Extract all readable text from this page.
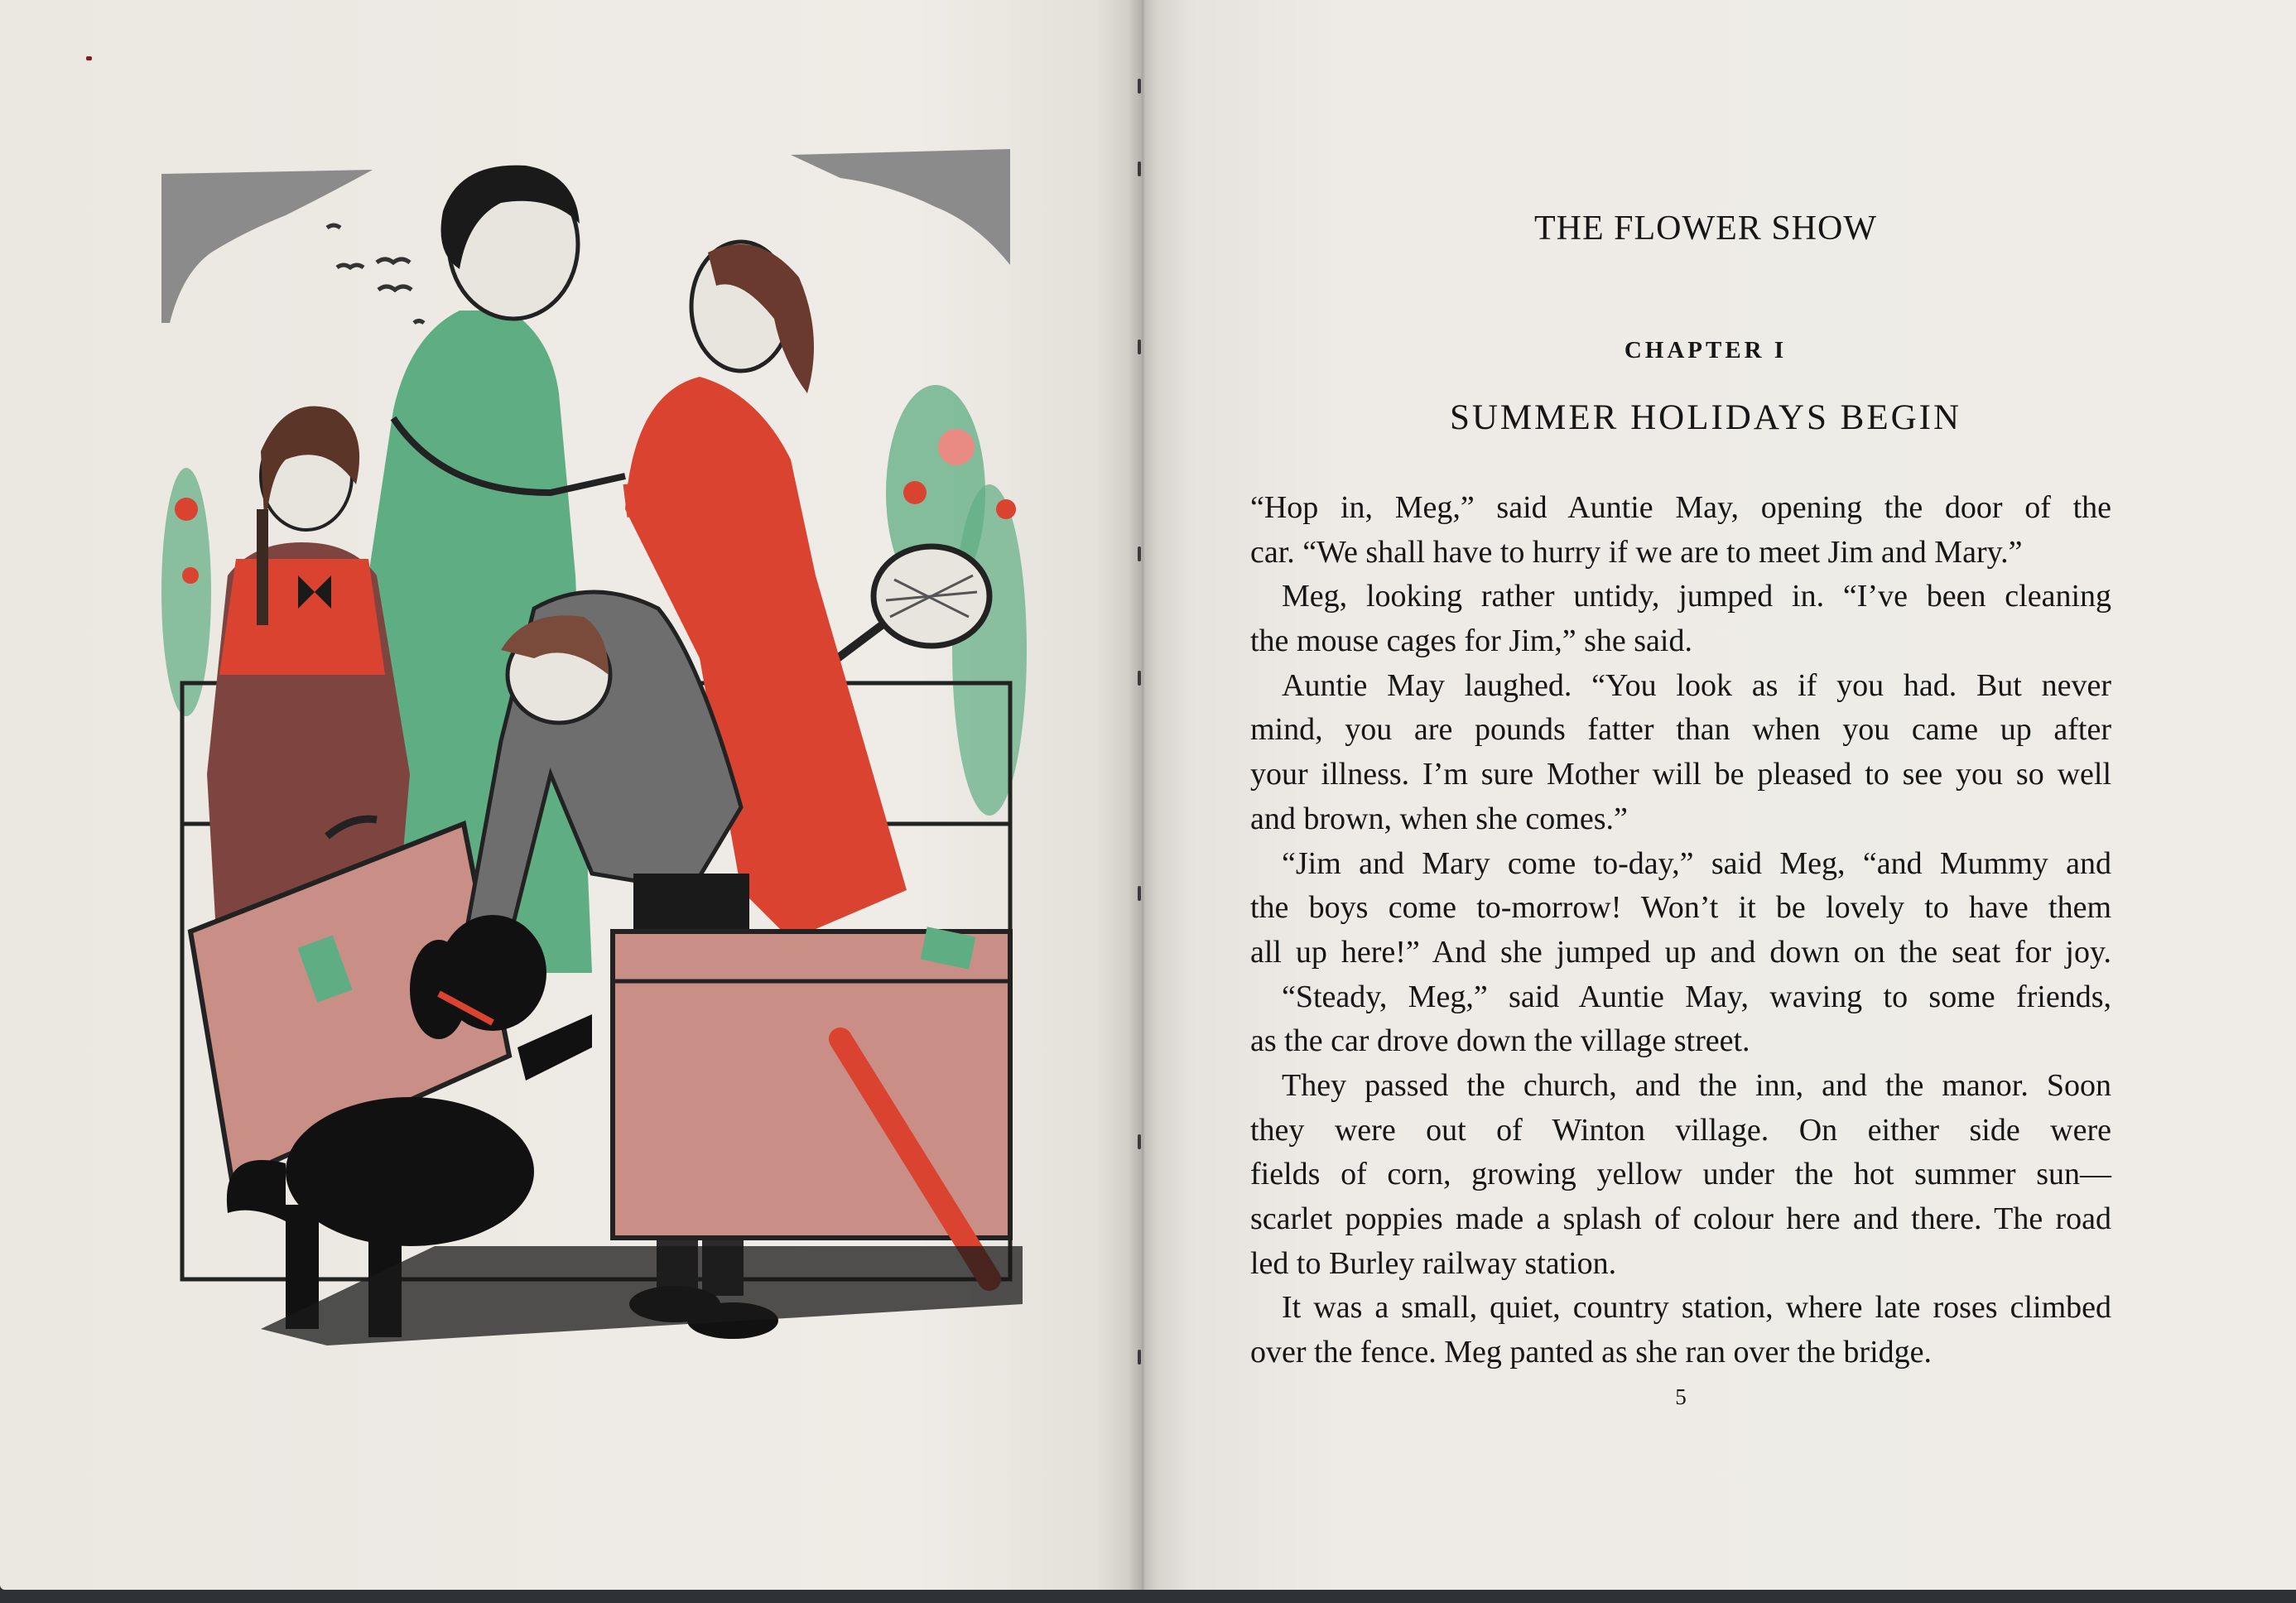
THE FLOWER SHOW
CHAPTER I
SUMMER HOLIDAYS BEGIN
“Hop in, Meg,” said Auntie May, opening the door of the
car. “We shall have to hurry if we are to meet Jim and Mary.”
Meg, looking rather untidy, jumped in. “I’ve been cleaning
the mouse cages for Jim,” she said.
Auntie May laughed. “You look as if you had. But never
mind, you are pounds fatter than when you came up after
your illness. I’m sure Mother will be pleased to see you so well
and brown, when she comes.”
“Jim and Mary come to-day,” said Meg, “and Mummy and
the boys come to-morrow! Won’t it be lovely to have them
all up here!” And she jumped up and down on the seat for joy.
“Steady, Meg,” said Auntie May, waving to some friends,
as the car drove down the village street.
They passed the church, and the inn, and the manor. Soon
they were out of Winton village. On either side were
fields of corn, growing yellow under the hot summer sun—
scarlet poppies made a splash of colour here and there. The road
led to Burley railway station.
It was a small, quiet, country station, where late roses climbed
over the fence. Meg panted as she ran over the bridge.
5
